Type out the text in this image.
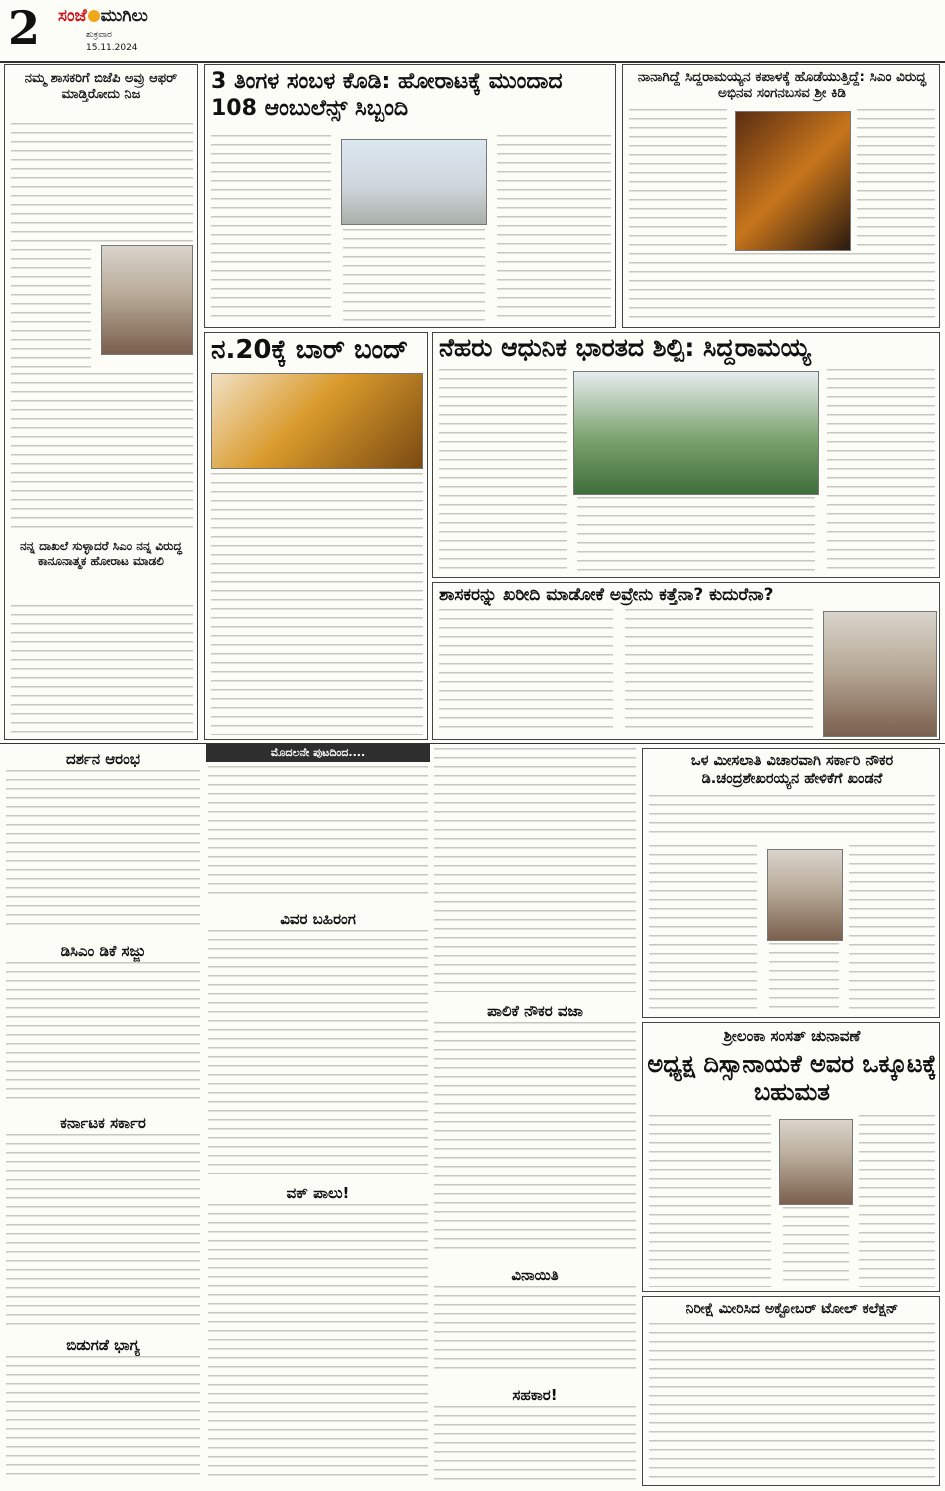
2 ಸಂಜೆ ಮುಗಿಲು
ಶುಕ್ರವಾರ
15.11.2024
ನಮ್ಮ ಶಾಸಕರಿಗೆ ಬಿಜೆಪಿ ಅವ್ರು ಆಫರ್ ಮಾಡ್ತಿರೋದು ನಿಜ
ನನ್ನ ದಾಖಲೆ ಸುಳ್ಳಾದರೆ ಸಿಎಂ ನನ್ನ ವಿರುದ್ಧ ಕಾನೂನಾತ್ಮಕ ಹೋರಾಟ ಮಾಡಲಿ
3 ತಿಂಗಳ ಸಂಬಳ ಕೊಡಿ: ಹೋರಾಟಕ್ಕೆ ಮುಂದಾದ 108 ಆಂಬುಲೆನ್ಸ್ ಸಿಬ್ಬಂದಿ
ನಾನಾಗಿದ್ದೆ ಸಿದ್ದರಾಮಯ್ಯನ ಕಪಾಳಕ್ಕೆ ಹೊಡೆಯುತ್ತಿದ್ದೆ: ಸಿಎಂ ವಿರುದ್ಧ ಅಭಿನವ ಸಂಗನಬಸವ ಶ್ರೀ ಕಿಡಿ
ನ.20ಕ್ಕೆ ಬಾರ್ ಬಂದ್	ನೆಹರು ಆಧುನಿಕ ಭಾರತದ ಶಿಲ್ಪಿ: ಸಿದ್ದರಾಮಯ್ಯ
ಶಾಸಕರನ್ನು ಖರೀದಿ ಮಾಡೋಕೆ ಅವ್ರೇನು ಕತ್ತೆನಾ? ಕುದುರೆನಾ?
ಮೊದಲನೇ ಪುಟದಿಂದ....
ದರ್ಶನ ಆರಂಭ
ಡಿಸಿಎಂ ಡಿಕೆ ಸಜ್ಜು
ಕರ್ನಾಟಕ ಸರ್ಕಾರ
ಬಿಡುಗಡೆ ಭಾಗ್ಯ
ವಿವರ ಬಹಿರಂಗ
ವಕ್ ಪಾಲು!
ಪಾಲಿಕೆ ನೌಕರ ವಜಾ
ವಿನಾಯಿತಿ
ಸಹಕಾರ!
ಒಳ ಮೀಸಲಾತಿ ವಿಚಾರವಾಗಿ ಸರ್ಕಾರಿ ನೌಕರ ಡಿ.ಚಂದ್ರಶೇಖರಯ್ಯನ ಹೇಳಿಕೆಗೆ ಖಂಡನೆ
ಶ್ರೀಲಂಕಾ ಸಂಸತ್ ಚುನಾವಣೆ
ಅಧ್ಯಕ್ಷ ದಿಸ್ಸಾನಾಯಕೆ ಅವರ ಒಕ್ಕೂಟಕ್ಕೆ ಬಹುಮತ
ನಿರೀಕ್ಷೆ ಮೀರಿಸಿದ ಅಕ್ಟೋಬರ್ ಟೋಲ್ ಕಲೆಕ್ಷನ್
